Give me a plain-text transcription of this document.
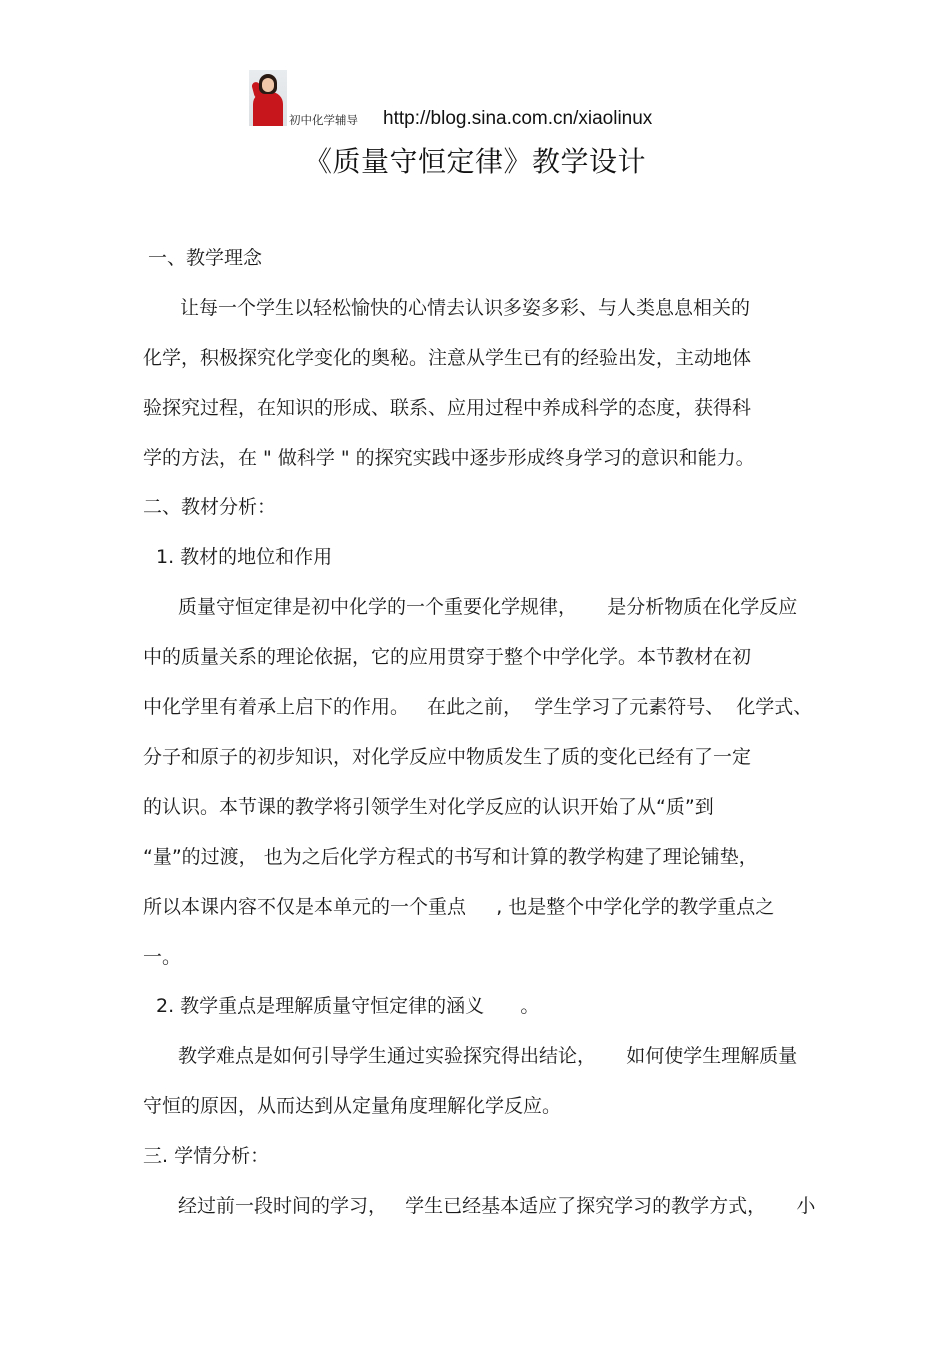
初中化学辅导 http://blog.sina.com.cn/xiaolinux
《质量守恒定律》教学设计
一、教学理念
让每一个学生以轻松愉快的心情去认识多姿多彩、与人类息息相关的
化学，积极探究化学变化的奥秘。注意从学生已有的经验出发，主动地体
验探究过程，在知识的形成、联系、应用过程中养成科学的态度，获得科
学的方法，在 " 做科学 " 的探究实践中逐步形成终身学习的意识和能力。
二、教材分析：
1. 教材的地位和作用
质量守恒定律是初中化学的一个重要化学规律，     是分析物质在化学反应
中的质量关系的理论依据，它的应用贯穿于整个中学化学。本节教材在初
中化学里有着承上启下的作用。   在此之前，  学生学习了元素符号、  化学式、
分子和原子的初步知识，对化学反应中物质发生了质的变化已经有了一定
的认识。本节课的教学将引领学生对化学反应的认识开始了从“质”到
“量”的过渡， 也为之后化学方程式的书写和计算的教学构建了理论铺垫，
所以本课内容不仅是本单元的一个重点     , 也是整个中学化学的教学重点之
一。
2. 教学重点是理解质量守恒定律的涵义      。
教学难点是如何引导学生通过实验探究得出结论，     如何使学生理解质量
守恒的原因，从而达到从定量角度理解化学反应。
三. 学情分析：
经过前一段时间的学习，   学生已经基本适应了探究学习的教学方式，     小
